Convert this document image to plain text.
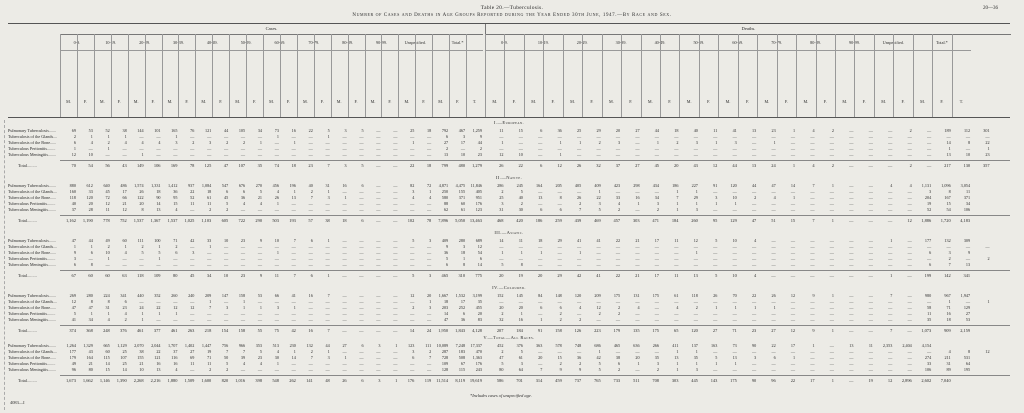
Table 20.—Tuberculosis.
Number of Cases and Deaths in Age Groups Reported during the Year Ended 30th June, 1947.—By Race and Sex.
20—36
Cases.	Deaths.
0-9.
M.	F.
10-19.
M.	F.
20-29.
M.	F.
30-39.
M.	F.
40-49.
M.	F.
50-59.
M.	F.
60-69.
M.	F.
70-79.
M.	F.
80-89.
M.	F.
90-99.
M.	F.
Unspecified.
M.	F.
Total.*
M.	F.	T.
0-9.
M.	F.
10-19.
M.	F.
20-29.
M.	F.
30-39.
M.	F.
40-49.
M.	F.
50-59.
M.	F.
60-69.
M.	F.
70-79.
M.	F.
80-89.
M.	F.
90-99.
M.	F.
Unspecified.
M.	F.
Total.*
M.	F.	T.
I.—European.
Pulmonary Tuberculosis.......	69	53	52	38	144	101	165	76	121	44	105	34	73	16	22	5	3	5	—	—	25	18	792	467	1,259	11	15	6	36	25	29	20	27	44	18	40	11	41	13	23	1	4	2	—	—	—	2	—	189	112	301
Tuberculosis of the Glands....	2	1	1	1	—	—	1	—	—	—	—	—	1	—	—	1	—	—	—	—	—	—	6	3	9	—	—	—	—	—	—	—	—	—	—	—	—	—	—	—	—	—	—	—	—	—	—	—	—	—	—
Tuberculosis of the Bone......	6	4	2	4	4	4	3	2	3	2	2	1	—	1	—	—	—	—	—	—	1	—	27	17	44	1	—	—	1	1	2	3	—	1	2	3	1	3	—	1	—	—	—	—	—	—	—	—	14	8	22
Tuberculous Peritonitis........	1	—	1	—	—	—	—	—	—	—	—	—	—	—	—	—	—	—	—	—	—	—	2	—	2	—	—	—	—	—	—	—	—	—	—	—	—	—	—	—	—	—	—	—	—	—	—	—	1	—	1
Tuberculous Meningitis........	12	10	—	—	1	—	—	—	—	—	—	—	—	—	—	—	—	—	—	—	—	—	13	10	23	12	10	—	1	—	—	—	—	—	—	—	—	—	—	—	—	—	—	—	—	—	—	—	13	10	23
Total.........	70	54	56	43	149	106	169	78	125	47	107	35	74	18	23	7	3	5	—	—	22	18	799	480	1,279	26	22	6	12	26	32	37	27	45	20	43	12	44	13	24	1	4	2	—	—	—	2	—	217	130	357
II.—Native.
Pulmonary Tuberculosis.......	880	612	640	486	1,574	1,331	1,412	937	1,084	547	676	270	456	196	40	31	16	6	—	—	82	72	4,871	4,475	11,846	286	245	164	205	405	409	423	298	434	186	227	91	120	44	47	14	7	1	—	—	4	4	1,131	1,096	3,054
Tuberculosis of the Glands....	160	33	45	17	26	18	36	22	18	6	6	5	4	1	2	1	—	—	—	—	3	1	250	155	405	2	5	—	—	—	1	—	—	—	1	1	—	—	—	—	—	—	—	—	—	—	—	3	8	11
Tuberculosis of the Bone......	118	120	72	66	122	90	95	52	61	45	36	21	26	13	7	3	1	—	—	—	4	4	580	371	951	25	40	13	8	26	22	33	16	34	7	29	3	10	2	4	1	—	—	—	—	—	—	204	167	371
Tuberculous Peritonitis........	40	20	12	21	20	14	15	11	11	5	4	4	1	—	—	—	—	—	—	—	—	—	88	60	176	3	2	—	—	2	3	4	1	3	1	1	1	1	—	—	—	—	—	—	—	—	—	19	15	34
Tuberculous Meningitis........	37	28	11	12	8	13	4	—	2	2	—	—	—	—	—	—	—	—	—	—	—	—	62	61	123	31	30	6	6	7	5	2	—	2	1	3	—	—	—	—	—	—	—	—	—	—	—	52	54	106
Total.........	1,162	1,190	778	752	1,537	1,367	1,537	1,025	1,103	605	722	290	503	193	57	38	18	6	—	—	102	78	7,896	5,050	13,463	468	420	186	259	439	469	457	303	471	184	260	95	129	47	51	15	7	1	—	—	—	12	1,886	1,720	4,183
III.—Asiatic.
Pulmonary Tuberculosis.......	47	44	49	60	111	100	71	42	33	10	23	9	10	7	6	1	—	—	—	—	5	3	409	280	689	14	11	18	29	41	41	22	21	17	11	12	5	10	4	—	—	—	—	—	—	1	—	177	132	309
Tuberculosis of the Glands....	1	1	2	1	2	1	2	—	1	—	—	—	—	—	—	—	—	—	—	—	—	—	9	3	12	—	—	—	—	—	—	—	—	—	—	—	—	—	—	—	—	—	—	—	—	—	—	—	—	—	—
Tuberculosis of the Bone......	9	6	10	4	5	5	6	3	—	—	—	—	1	—	—	—	—	—	—	—	—	—	36	18	54	1	1	1	—	1	—	—	—	—	—	1	—	—	—	—	—	—	—	—	—	—	—	6	3	9
Tuberculous Peritonitis........	3	—	1	—	—	1	—	—	—	—	—	—	—	—	—	—	—	—	—	—	—	—	5	1	6	—	—	—	—	—	—	—	—	—	—	—	—	—	—	—	—	—	—	—	—	—	—	—	2	—	2
Tuberculous Meningitis........	6	8	—	—	—	—	—	—	—	—	—	—	—	—	—	—	—	—	—	—	—	—	6	8	14	5	8	—	—	—	—	—	—	—	—	—	—	—	—	—	—	—	—	—	—	—	—	6	7	13
Total.........	67	60	60	63	118	109	80	45	34	10	23	9	11	7	6	1	—	—	—	—	5	3	465	310	775	20	19	20	29	42	41	22	21	17	11	13	5	10	4	—	—	—	—	—	—	1	—	199	142	341
IV.—Coloured.
Pulmonary Tuberculosis.......	269	280	224	341	440	352	260	240	209	147	158	53	66	41	16	7	—	—	—	—	12	20	1,667	1,532	3,199	152	145	84	148	120	209	175	131	175	61	118	26	70	22	26	12	9	1	—	—	7	—	980	967	1,947
Tuberculosis of the Glands....	12	8	8	6	—	—	—	—	1	—	1	—	—	—	—	—	—	—	—	—	—	1	18	17	35	—	—	—	—	—	—	—	—	—	—	—	—	—	—	—	—	—	—	—	—	—	—	—	1	—	1
Tuberculosis of the Bone......	47	47	31	23	24	22	12	12	7	3	1	1	3	1	—	—	—	—	—	—	2	3	203	252	455	20	20	6	6	4	12	2	4	—	4	2	1	1	1	1	—	—	—	—	—	—	—	58	71	129
Tuberculous Peritonitis........	5	1	1	4	1	1	1	—	—	—	—	—	—	—	—	—	—	—	—	—	—	—	14	6	20	2	1	—	2	—	2	2	—	—	—	—	—	—	—	—	—	—	—	—	—	—	—	11	16	27
Tuberculous Meningitis........	41	34	4	2	1	—	—	—	—	—	—	—	—	—	—	—	—	—	—	—	—	—	47	36	83	32	16	1	2	2	—	—	—	—	—	—	—	—	—	—	—	—	—	—	—	—	—	35	18	53
Total.........	374	368	248	376	461	377	461	263	218	154	158	55	75	42	16	7	—	—	—	—	14	24	1,950	1,843	4,128	207	184	91	158	126	223	179	135	175	65	120	27	71	23	27	12	9	1	—	—	7	—	1,073	909	2,159
V.—Total—All Races.
Pulmonary Tuberculosis.......	1,264	1,329	665	1,129	2,070	2,044	1,707	1,402	1,447	756	966	353	513	230	132	44	27	6	3	1	123	111	10,089	7,248	17,337	452	376	363	578	748	686	465	636	266	411	137	163	73	90	22	17	1	—	13	11	2,353	2,404	4,154
Tuberculosis of the Glands....	177	43	60	25	38	22	37	27	19	7	7	5	4	1	2	1	—	—	—	—	3	2	287	183	470	2	5	—	—	—	1	—	—	—	1	1	—	—	—	—	—	—	—	—	—	—	—	—	4	8	12
Tuberculosis of the Bone......	179	164	115	107	155	121	116	69	71	50	39	23	30	14	7	3	1	—	—	—	6	7	728	508	1,363	47	61	20	15	36	42	38	20	35	13	35	5	13	3	6	1	—	—	—	—	—	—	274	211	531
Tuberculous Peritonitis........	49	21	14	25	21	16	16	11	11	5	4	4	1	—	—	—	—	—	—	—	—	—	109	67	176	5	3	—	2	2	5	6	1	3	1	1	1	1	—	—	—	—	—	—	—	—	—	33	31	64
Tuberculous Meningitis........	96	80	15	14	10	13	4	—	2	2	—	—	—	—	—	—	—	—	—	—	—	—	128	115	243	80	64	7	9	9	5	2	—	2	1	3	—	—	—	—	—	—	—	—	—	—	—	106	89	195
Total.........	1,673	1,662	1,146	1,390	2,268	2,216	1,880	1,509	1,600	820	1,016	398	548	262	141	48	26	6	3	1	176	119	11,514	8,119	19,619	586	701	314	459	737	765	733	511	708	303	445	143	175	90	96	22	17	1	—	19	12	2,896	2,602	7,040
*Includes cases of unspecified age.
4083—I
